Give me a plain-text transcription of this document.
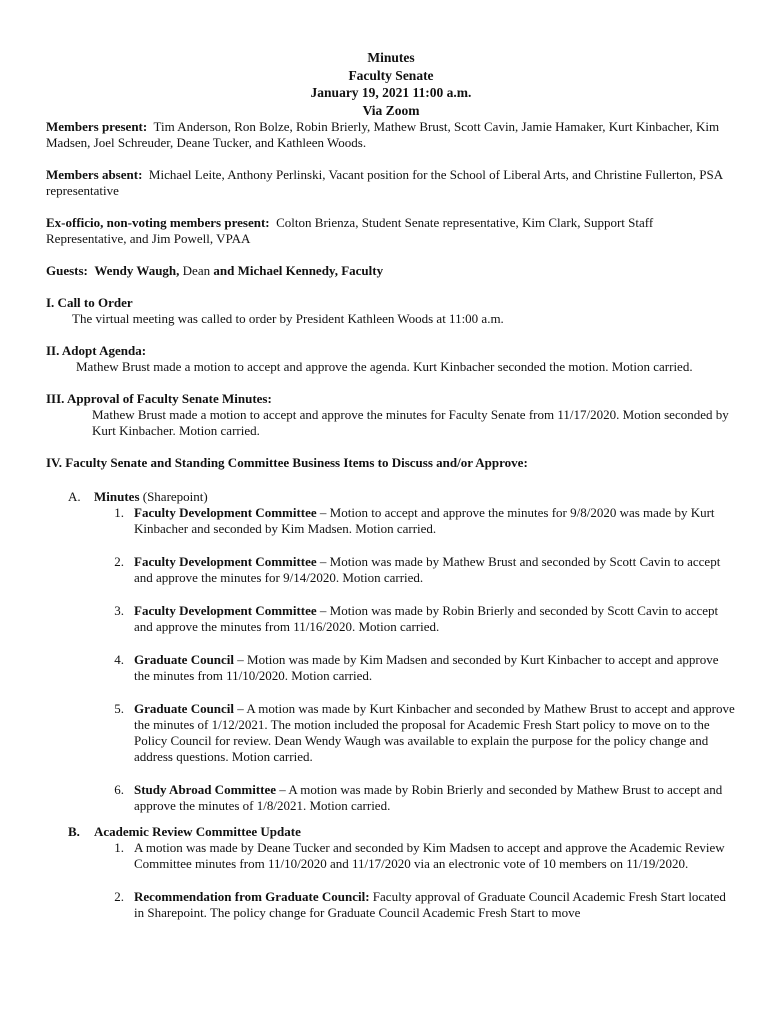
Minutes
Faculty Senate
January 19, 2021 11:00 a.m.
Via Zoom

Members present: Tim Anderson, Ron Bolze, Robin Brierly, Mathew Brust, Scott Cavin, Jamie Hamaker, Kurt Kinbacher, Kim Madsen, Joel Schreuder, Deane Tucker, and Kathleen Woods.

Members absent: Michael Leite, Anthony Perlinski, Vacant position for the School of Liberal Arts, and Christine Fullerton, PSA representative

Ex-officio, non-voting members present: Colton Brienza, Student Senate representative, Kim Clark, Support Staff Representative, and Jim Powell, VPAA

Guests: Wendy Waugh, Dean and Michael Kennedy, Faculty

I. Call to Order

The virtual meeting was called to order by President Kathleen Woods at 11:00 a.m.

II. Adopt Agenda:

Mathew Brust made a motion to accept and approve the agenda. Kurt Kinbacher seconded the motion. Motion carried.

III. Approval of Faculty Senate Minutes:

Mathew Brust made a motion to accept and approve the minutes for Faculty Senate from 11/17/2020. Motion seconded by Kurt Kinbacher. Motion carried.

IV. Faculty Senate and Standing Committee Business Items to Discuss and/or Approve:

A.	Minutes (Sharepoint)
1. Faculty Development Committee – Motion to accept and approve the minutes for 9/8/2020 was made by Kurt Kinbacher and seconded by Kim Madsen. Motion carried.
2. Faculty Development Committee – Motion was made by Mathew Brust and seconded by Scott Cavin to accept and approve the minutes for 9/14/2020. Motion carried.
3. Faculty Development Committee – Motion was made by Robin Brierly and seconded by Scott Cavin to accept and approve the minutes from 11/16/2020. Motion carried.
4. Graduate Council – Motion was made by Kim Madsen and seconded by Kurt Kinbacher to accept and approve the minutes from 11/10/2020. Motion carried.
5. Graduate Council – A motion was made by Kurt Kinbacher and seconded by Mathew Brust to accept and approve the minutes of 1/12/2021. The motion included the proposal for Academic Fresh Start policy to move on to the Policy Council for review. Dean Wendy Waugh was available to explain the purpose for the policy change and address questions. Motion carried.
6. Study Abroad Committee – A motion was made by Robin Brierly and seconded by Mathew Brust to accept and approve the minutes of 1/8/2021. Motion carried.
B.	Academic Review Committee Update
1. A motion was made by Deane Tucker and seconded by Kim Madsen to accept and approve the Academic Review Committee minutes from 11/10/2020 and 11/17/2020 via an electronic vote of 10 members on 11/19/2020.
2. Recommendation from Graduate Council: Faculty approval of Graduate Council Academic Fresh Start located in Sharepoint. The policy change for Graduate Council Academic Fresh Start to move
